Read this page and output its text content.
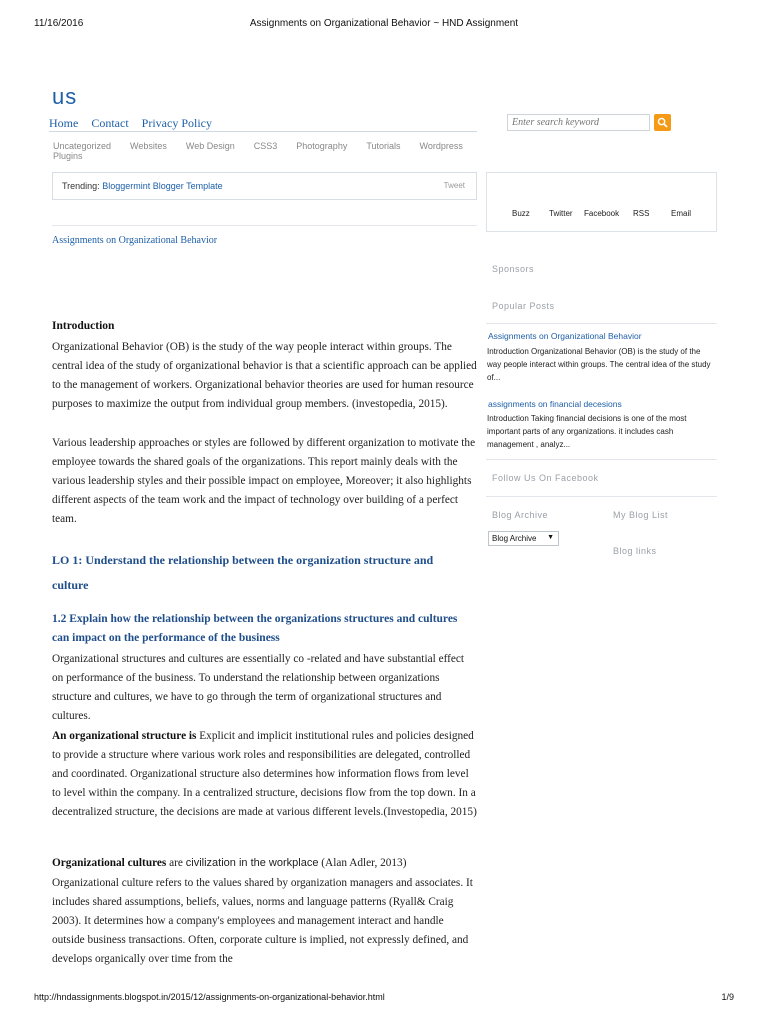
11/16/2016	Assignments on Organizational Behavior ~ HND Assignment
us
Home Contact Privacy Policy
Enter search keyword
Uncategorized Websites Web Design CSS3 Photography Tutorials WordpressPlugins
Trending: Bloggermint Blogger Template	Tweet
Buzz Twitter Facebook RSS	Email
Assignments on Organizational Behavior
Sponsors
Popular Posts
Assignments on Organizational Behavior
Introduction Organizational Behavior (OB) is the study of the way people interact within groups. The central idea of the study of...
assignments on financial decesions
Introduction Taking financial decisions is one of the most important parts of any organizations. it includes cash management , analyz...
Follow Us On Facebook
Blog Archive	My Blog List
Blog Archive ▼
Blog links
Introduction
Organizational Behavior (OB) is the study of the way people interact within groups. The central idea of the study of organizational behavior is that a scientific approach can be applied to the management of workers. Organizational behavior theories are used for human resource purposes to maximize the output from individual group members. (investopedia, 2015).
Various leadership approaches or styles are followed by different organization to motivate the employee towards the shared goals of the organizations. This report mainly deals with the various leadership styles and their possible impact on employee, Moreover; it also highlights different aspects of the team work and the impact of technology over building of a perfect team.
LO 1: Understand the relationship between the organization structure and culture
1.2 Explain how the relationship between the organizations structures and cultures can impact on the performance of the business
Organizational structures and cultures are essentially co -related and have substantial effect on performance of the business. To understand the relationship between organizations structure and cultures, we have to go through the term of organizational structures and cultures.
An organizational structure is Explicit and implicit institutional rules and policies designed to provide a structure where various work roles and responsibilities are delegated, controlled and coordinated. Organizational structure also determines how information flows from level to level within the company. In a centralized structure, decisions flow from the top down. In a decentralized structure, the decisions are made at various different levels.(Investopedia, 2015)
Organizational cultures are civilization in the workplace (Alan Adler, 2013)
Organizational culture refers to the values shared by organization managers and associates. It includes shared assumptions, beliefs, values, norms and language patterns (Ryall& Craig 2003). It determines how a company's employees and management interact and handle outside business transactions. Often, corporate culture is implied, not expressly defined, and develops organically over time from the
http://hndassignments.blogspot.in/2015/12/assignments-on-organizational-behavior.html	1/9
